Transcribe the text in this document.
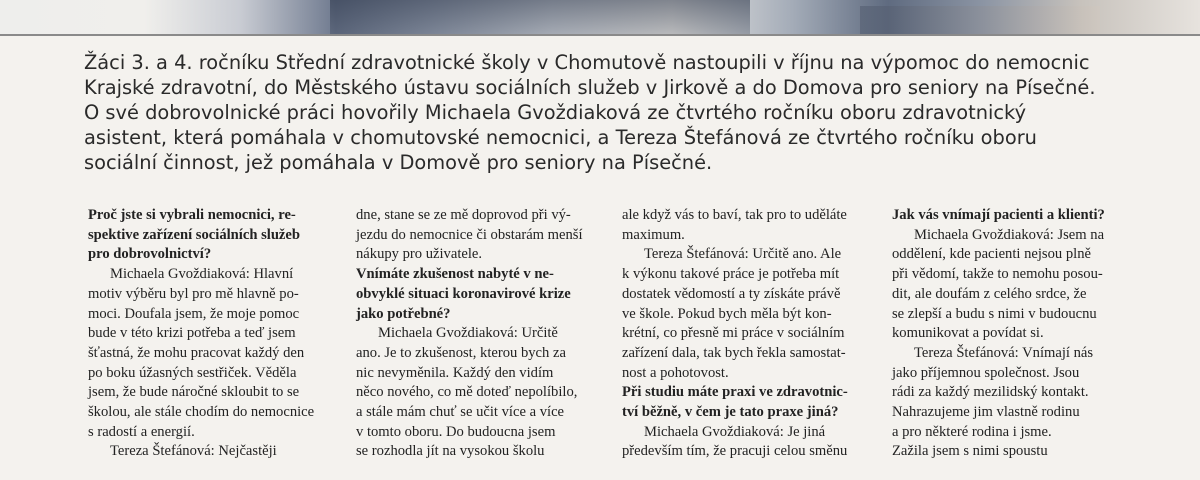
Žáci 3. a 4. ročníku Střední zdravotnické školy v Chomutově nastoupili v říjnu na výpomoc do nemocnic
Krajské zdravotní, do Městského ústavu sociálních služeb v Jirkově a do Domova pro seniory na Písečné.
O své dobrovolnické práci hovořily Michaela Gvoždiaková ze čtvrtého ročníku oboru zdravotnický
asistent, která pomáhala v chomutovské nemocnici, a Tereza Štefánová ze čtvrtého ročníku oboru
sociální činnost, jež pomáhala v Domově pro seniory na Písečné.

Proč jste si vybrali nemocnici, re-
spektive zařízení sociálních služeb
pro dobrovolnictví?
Michaela Gvoždiaková: Hlavní
motiv výběru byl pro mě hlavně po-
moci. Doufala jsem, že moje pomoc
bude v této krizi potřeba a teď jsem
šťastná, že mohu pracovat každý den
po boku úžasných sestřiček. Věděla
jsem, že bude náročné skloubit to se
školou, ale stále chodím do nemocnice
s radostí a energií.
Tereza Štefánová: Nejčastěji
dne, stane se ze mě doprovod při vý-
jezdu do nemocnice či obstarám menší
nákupy pro uživatele.
Vnímáte zkušenost nabyté v ne-
obvyklé situaci koronavirové krize
jako potřebné?
Michaela Gvoždiaková: Určitě
ano. Je to zkušenost, kterou bych za
nic nevyměnila. Každý den vidím
něco nového, co mě doteď nepolíbilo,
a stále mám chuť se učit více a více
v tomto oboru. Do budoucna jsem
se rozhodla jít na vysokou školu
ale když vás to baví, tak pro to uděláte
maximum.
Tereza Štefánová: Určitě ano. Ale
k výkonu takové práce je potřeba mít
dostatek vědomostí a ty získáte právě
ve škole. Pokud bych měla být kon-
krétní, co přesně mi práce v sociálním
zařízení dala, tak bych řekla samostat-
nost a pohotovost.
Při studiu máte praxi ve zdravotnic-
tví běžně, v čem je tato praxe jiná?
Michaela Gvoždiaková: Je jiná
především tím, že pracuji celou směnu
Jak vás vnímají pacienti a klienti?
Michaela Gvoždiaková: Jsem na
oddělení, kde pacienti nejsou plně
při vědomí, takže to nemohu posou-
dit, ale doufám z celého srdce, že
se zlepší a budu s nimi v budoucnu
komunikovat a povídat si.
Tereza Štefánová: Vnímají nás
jako příjemnou společnost. Jsou
rádi za každý mezilidský kontakt.
Nahrazujeme jim vlastně rodinu
a pro některé rodina i jsme.
Zažila jsem s nimi spoustu
